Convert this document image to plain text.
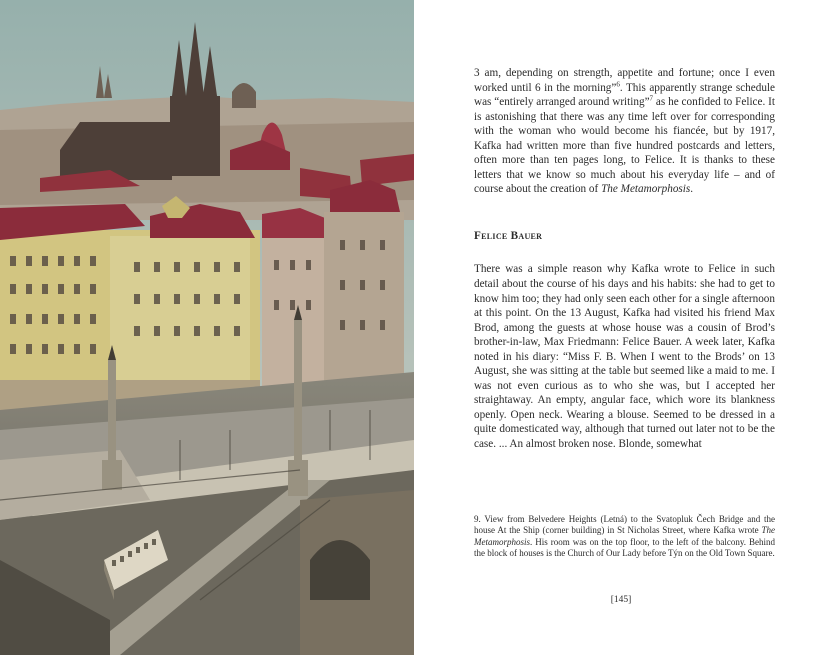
3 am, depending on strength, appetite and fortune; once I even worked until 6 in the morning”$^6$. This apparently strange schedule was “entirely arranged around writing”$^7$ as he confided to Felice. It is astonishing that there was any time left over for corresponding with the woman who would become his fiancée, but by 1917, Kafka had written more than five hundred postcards and letters, often more than ten pages long, to Felice. It is thanks to these letters that we know so much about his everyday life – and of course about the creation of The Metamorphosis.

Felice Bauer

There was a simple reason why Kafka wrote to Felice in such detail about the course of his days and his habits: she had to get to know him too; they had only seen each other for a single afternoon at this point. On the 13 August, Kafka had visited his friend Max Brod, among the guests at whose house was a cousin of Brod’s brother-in-law, Max Friedmann: Felice Bauer. A week later, Kafka noted in his diary: “Miss F. B. When I went to the Brods’ on 13 August, she was sitting at the table but seemed like a maid to me. I was not even curious as to who she was, but I accepted her straightaway. An empty, angular face, which wore its blankness openly. Open neck. Wearing a blouse. Seemed to be dressed in a quite domesticated way, although that turned out later not to be the case. ... An almost broken nose. Blonde, somewhat

9. View from Belvedere Heights (Letná) to the Svatopluk Čech Bridge and the house At the Ship (corner building) in St Nicholas Street, where Kafka wrote The Metamorphosis. His room was on the top floor, to the left of the balcony. Behind the block of houses is the Church of Our Lady before Týn on the Old Town Square.

[145]
